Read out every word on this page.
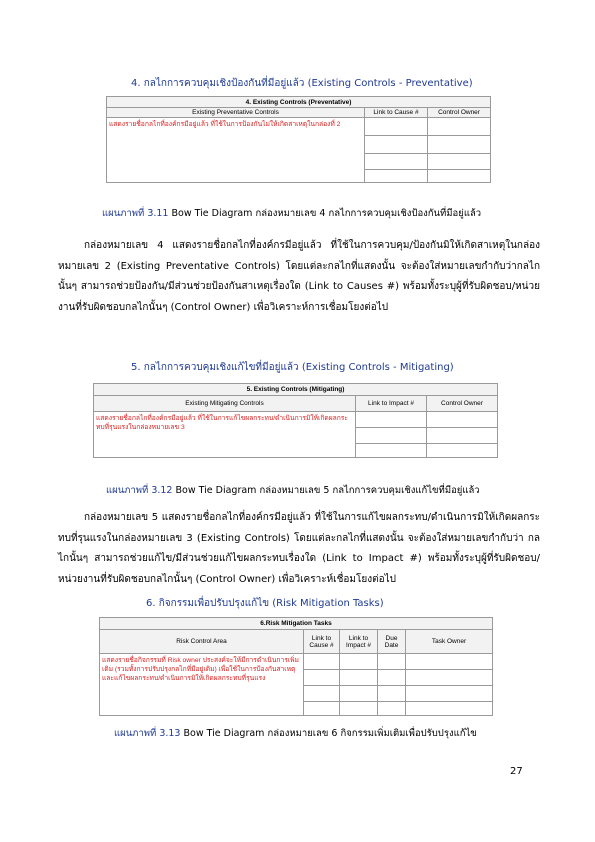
4. กลไกการควบคุมเชิงป้องกันที่มีอยู่แล้ว (Existing Controls - Preventative)
4. Existing Controls (Preventative)		
Existing Preventative Controls	Link to Cause #	Control Owner
แสดงรายชื่อกลไกที่องค์กรมีอยู่แล้ว ที่ใช้ในการป้องกันไม่ให้เกิดสาเหตุในกล่องที่ 2		

แผนภาพที่ 3.11 Bow Tie Diagram กล่องหมายเลข 4 กลไกการควบคุมเชิงป้องกันที่มีอยู่แล้ว
กล่องหมายเลข 4 แสดงรายชื่อกลไกที่องค์กรมีอยู่แล้ว ที่ใช้ในการควบคุม/ป้องกันมิให้เกิดสาเหตุในกล่องหมายเลข 2 (Existing Preventative Controls) โดยแต่ละกลไกที่แสดงนั้น จะต้องใส่หมายเลขกำกับว่ากลไกนั้นๆ สามารถช่วยป้องกัน/มีส่วนช่วยป้องกันสาเหตุเรื่องใด (Link to Causes #) พร้อมทั้งระบุผู้ที่รับผิดชอบ/หน่วยงานที่รับผิดชอบกลไกนั้นๆ (Control Owner) เพื่อวิเคราะห์การเชื่อมโยงต่อไป
5. กลไกการควบคุมเชิงแก้ไขที่มีอยู่แล้ว (Existing Controls - Mitigating)
5. Existing Controls (Mitigating)		
Existing Mitigating Controls	Link to Impact #	Control Owner
แสดงรายชื่อกลไกที่องค์กรมีอยู่แล้ว ที่ใช้ในการแก้ไขผลกระทบ/ดำเนินการมิให้เกิดผลกระทบที่รุนแรงในกล่องหมายเลข 3		

แผนภาพที่ 3.12 Bow Tie Diagram กล่องหมายเลข 5 กลไกการควบคุมเชิงแก้ไขที่มีอยู่แล้ว
กล่องหมายเลข 5 แสดงรายชื่อกลไกที่องค์กรมีอยู่แล้ว ที่ใช้ในการแก้ไขผลกระทบ/ดำเนินการมิให้เกิดผลกระทบที่รุนแรงในกล่องหมายเลข 3 (Existing Controls) โดยแต่ละกลไกที่แสดงนั้น จะต้องใส่หมายเลขกำกับว่า กลไกนั้นๆ สามารถช่วยแก้ไข/มีส่วนช่วยแก้ไขผลกระทบเรื่องใด (Link to Impact #) พร้อมทั้งระบุผู้ที่รับผิดชอบ/หน่วยงานที่รับผิดชอบกลไกนั้นๆ (Control Owner) เพื่อวิเคราะห์เชื่อมโยงต่อไป
6. กิจกรรมเพื่อปรับปรุงแก้ไข (Risk Mitigation Tasks)
6.Risk Mitigation Tasks				
Risk Control Area	Link to Cause #	Link to Impact #	Due Date	Task Owner
แสดงรายชื่อกิจกรรมที่ Risk owner ประสงค์จะให้มีการดำเนินการเพิ่มเติม (รวมทั้งการปรับปรุงกลไกที่มีอยู่เดิม) เพื่อใช้ในการป้องกันสาเหตุ และแก้ไขผลกระทบ/ดำเนินการมิให้เกิดผลกระทบที่รุนแรง				

แผนภาพที่ 3.13 Bow Tie Diagram กล่องหมายเลข 6 กิจกรรมเพิ่มเติมเพื่อปรับปรุงแก้ไข
27
